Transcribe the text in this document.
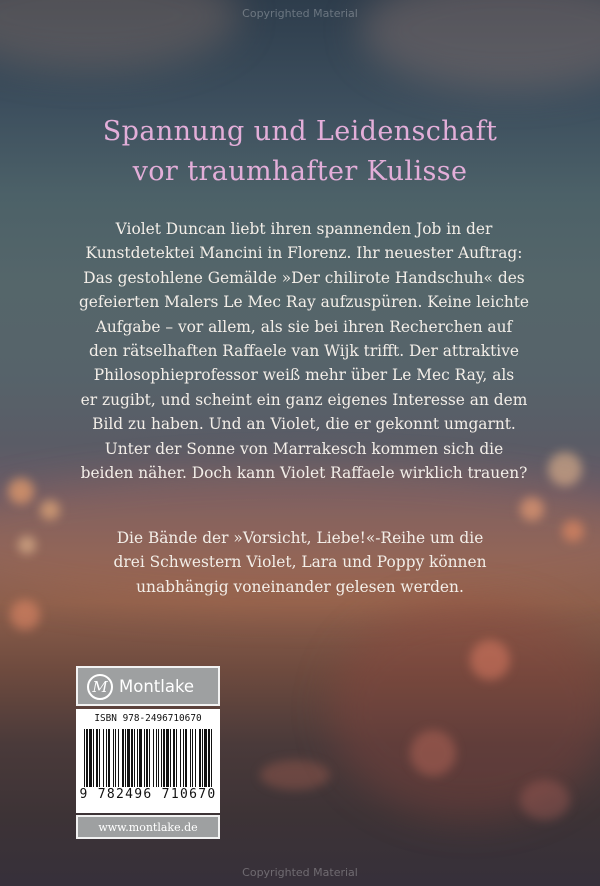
Copyrighted Material
Copyrighted Material
Spannung und Leidenschaft
vor traumhafter Kulisse
Violet Duncan liebt ihren spannenden Job in der
Kunstdetektei Mancini in Florenz. Ihr neuester Auftrag:
Das gestohlene Gemälde »Der chilirote Handschuh« des
gefeierten Malers Le Mec Ray aufzuspüren. Keine leichte
Aufgabe – vor allem, als sie bei ihren Recherchen auf
den rätselhaften Raffaele van Wijk trifft. Der attraktive
Philosophieprofessor weiß mehr über Le Mec Ray, als
er zugibt, und scheint ein ganz eigenes Interesse an dem
Bild zu haben. Und an Violet, die er gekonnt umgarnt.
Unter der Sonne von Marrakesch kommen sich die
beiden näher. Doch kann Violet Raffaele wirklich trauen?
Die Bände der »Vorsicht, Liebe!«-Reihe um die
drei Schwestern Violet, Lara und Poppy können
unabhängig voneinander gelesen werden.
M Montlake
ISBN 978-2496710670
9 782496 710670
www.montlake.de
